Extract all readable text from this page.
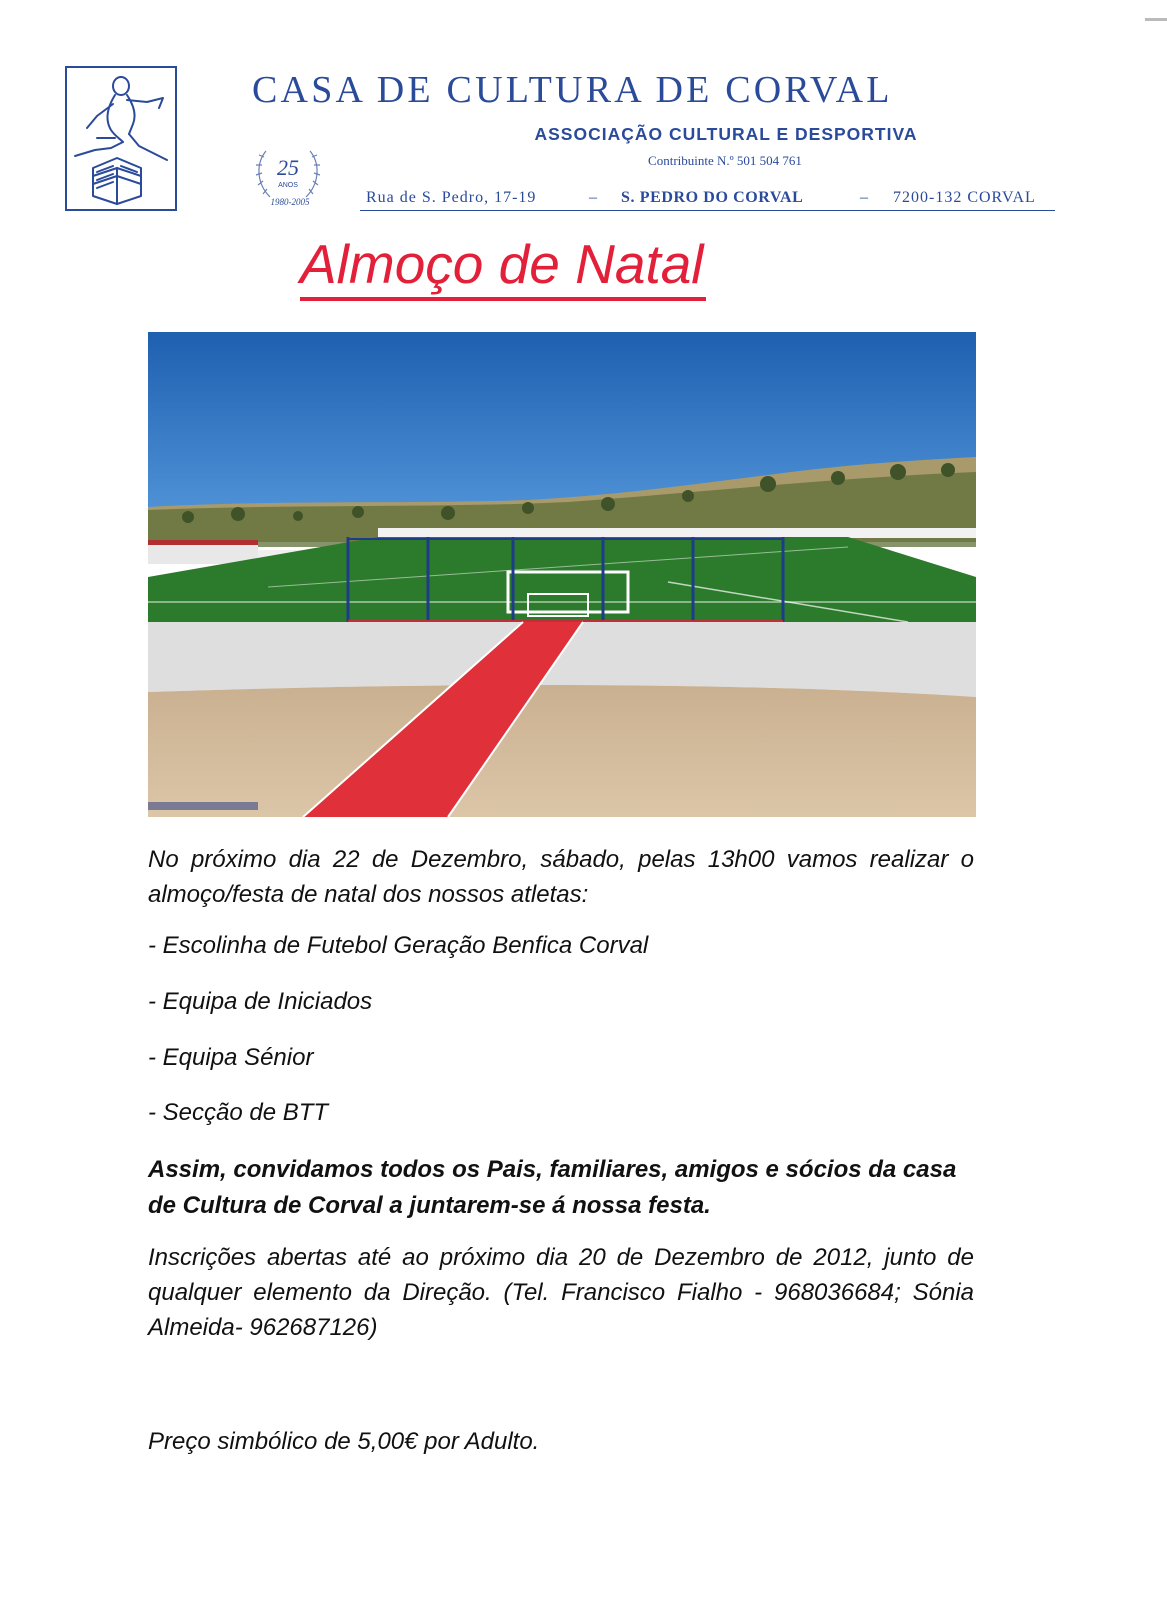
CASA DE CULTURA DE CORVAL
ASSOCIAÇÃO CULTURAL E DESPORTIVA
Contribuinte N.º 501 504 761
25
ANOS
1980-2005	Rua de S. Pedro, 17-19	– S. PEDRO DO CORVAL	– 7200-132 CORVAL
Almoço de Natal
No próximo dia 22 de Dezembro, sábado, pelas 13h00 vamos realizar o almoço/festa de natal dos nossos atletas:
- Escolinha de Futebol Geração Benfica Corval
- Equipa de Iniciados
- Equipa Sénior
- Secção de BTT
Assim, convidamos todos os Pais, familiares, amigos e sócios da casa de Cultura de Corval a juntarem-se á nossa festa.
Inscrições abertas até ao próximo dia 20 de Dezembro de 2012, junto de qualquer elemento da Direção. (Tel. Francisco Fialho - 968036684; Sónia Almeida- 962687126)
Preço simbólico de 5,00€ por Adulto.
